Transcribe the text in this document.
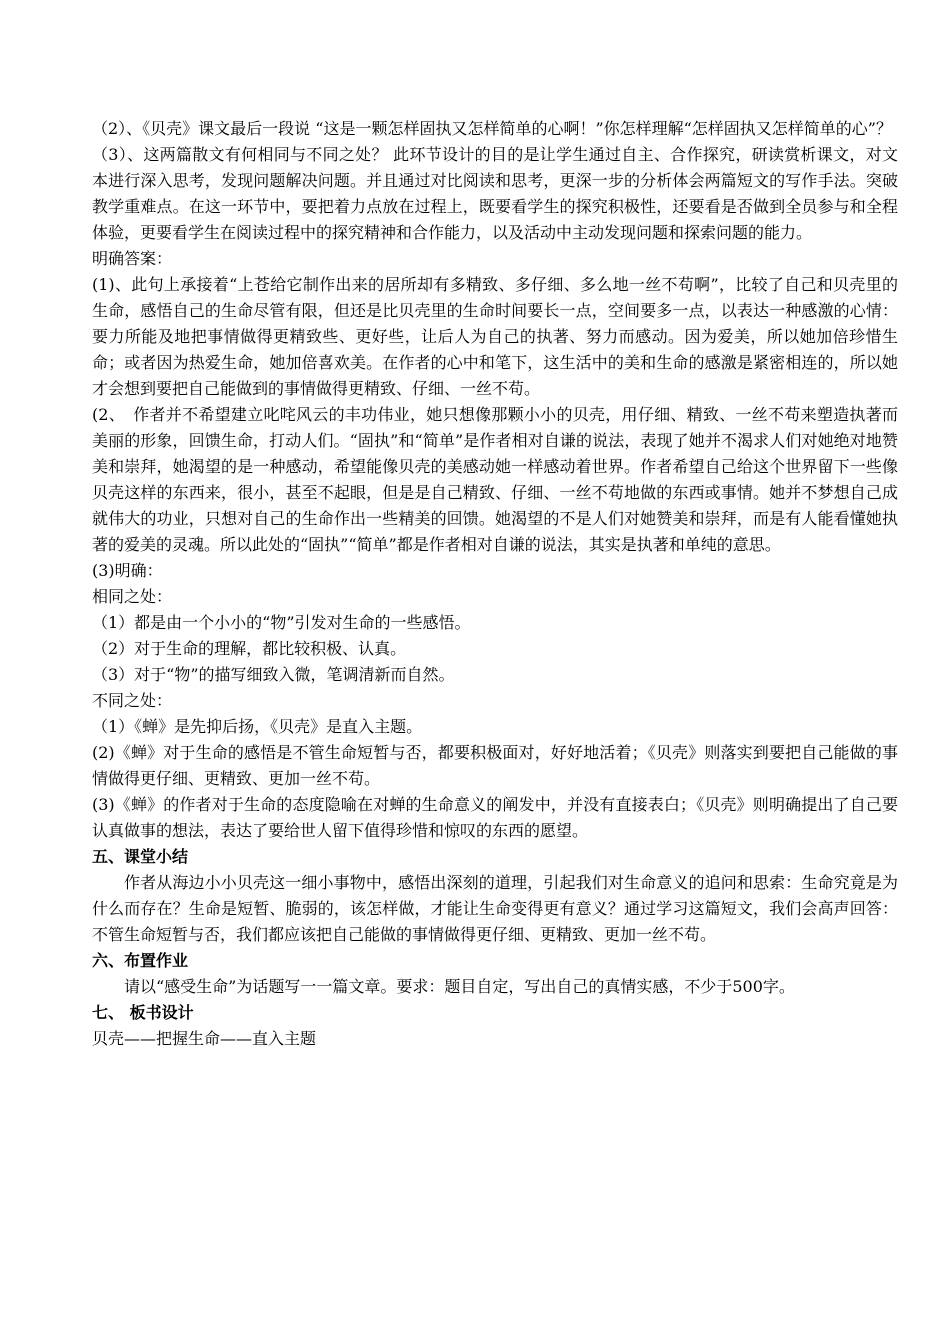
（2）、《贝壳》课文最后一段说 “这是一颗怎样固执又怎样简单的心啊！”你怎样理解“怎样固执又怎样简单的心”？

（3）、这两篇散文有何相同与不同之处？ 此环节设计的目的是让学生通过自主、合作探究，研读赏析课文，对文本进行深入思考，发现问题解决问题。并且通过对比阅读和思考，更深一步的分析体会两篇短文的写作手法。突破教学重难点。在这一环节中，要把着力点放在过程上，既要看学生的探究积极性，还要看是否做到全员参与和全程体验，更要看学生在阅读过程中的探究精神和合作能力，以及活动中主动发现问题和探索问题的能力。

明确答案：

(1)、此句上承接着“上苍给它制作出来的居所却有多精致、多仔细、多么地一丝不苟啊”，比较了自己和贝壳里的生命，感悟自己的生命尽管有限，但还是比贝壳里的生命时间要长一点，空间要多一点，以表达一种感激的心情：要力所能及地把事情做得更精致些、更好些，让后人为自己的执著、努力而感动。因为爱美，所以她加倍珍惜生命；或者因为热爱生命，她加倍喜欢美。在作者的心中和笔下，这生活中的美和生命的感激是紧密相连的，所以她才会想到要把自己能做到的事情做得更精致、仔细、一丝不苟。

(2、　作者并不希望建立叱咤风云的丰功伟业，她只想像那颗小小的贝壳，用仔细、精致、一丝不苟来塑造执著而美丽的形象，回馈生命，打动人们。“固执”和“简单”是作者相对自谦的说法，表现了她并不渴求人们对她绝对地赞美和崇拜，她渴望的是一种感动，希望能像贝壳的美感动她一样感动着世界。作者希望自己给这个世界留下一些像贝壳这样的东西来，很小，甚至不起眼，但是是自己精致、仔细、一丝不苟地做的东西或事情。她并不梦想自己成就伟大的功业，只想对自己的生命作出一些精美的回馈。她渴望的不是人们对她赞美和崇拜，而是有人能看懂她执著的爱美的灵魂。所以此处的“固执”“简单”都是作者相对自谦的说法，其实是执著和单纯的意思。

(3)明确：

相同之处：

（1）都是由一个小小的“物”引发对生命的一些感悟。

（2）对于生命的理解，都比较积极、认真。

（3）对于“物”的描写细致入微，笔调清新而自然。

不同之处：

（1）《蝉》是先抑后扬，《贝壳》是直入主题。

(2)《蝉》对于生命的感悟是不管生命短暂与否，都要积极面对，好好地活着；《贝壳》则落实到要把自己能做的事情做得更仔细、更精致、更加一丝不苟。

(3)《蝉》的作者对于生命的态度隐喻在对蝉的生命意义的阐发中，并没有直接表白；《贝壳》则明确提出了自己要认真做事的想法，表达了要给世人留下值得珍惜和惊叹的东西的愿望。

五、课堂小结

作者从海边小小贝壳这一细小事物中，感悟出深刻的道理，引起我们对生命意义的追问和思索：生命究竟是为什么而存在？生命是短暂、脆弱的，该怎样做，才能让生命变得更有意义？通过学习这篇短文，我们会高声回答：不管生命短暂与否，我们都应该把自己能做的事情做得更仔细、更精致、更加一丝不苟。

六、布置作业

请以“感受生命”为话题写一一篇文章。要求：题目自定，写出自己的真情实感，不少于500字。

七、 板书设计

贝壳——把握生命——直入主题
